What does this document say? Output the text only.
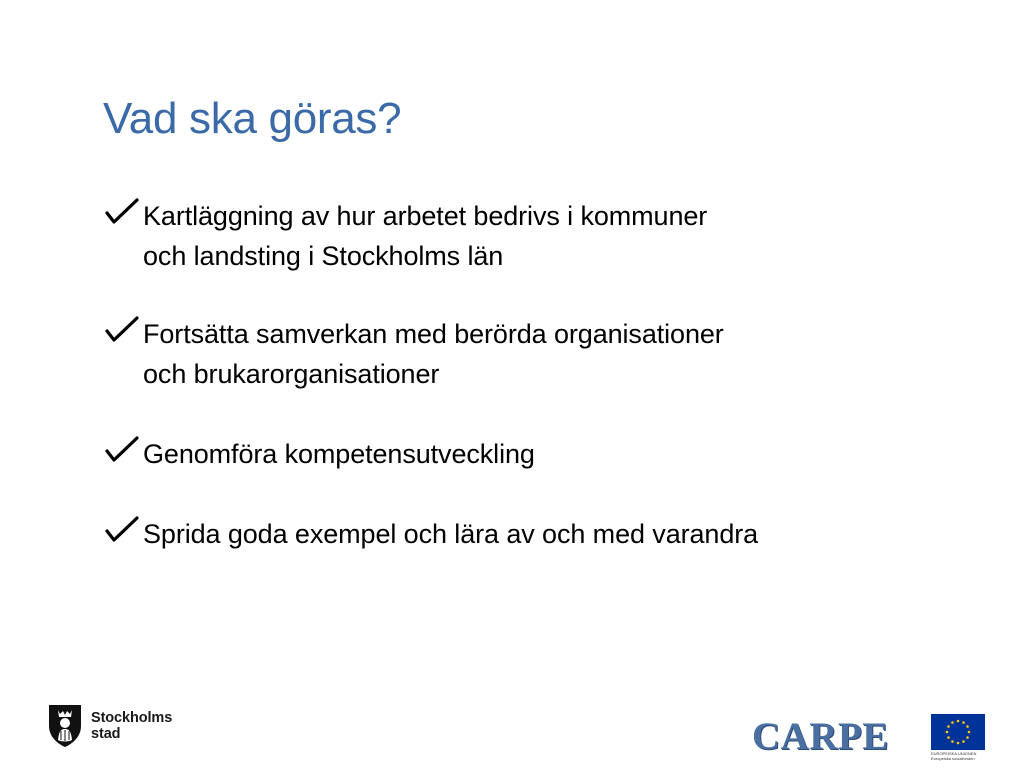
Vad ska göras?
Kartläggning av hur arbetet bedrivs i kommuner
och landsting i Stockholms län
Fortsätta samverkan med berörda organisationer
och brukarorganisationer
Genomföra kompetensutveckling
Sprida goda exempel och lära av och med varandra
Stockholms
stad	CARPE	EUROPEISKA UNIONEN
Europeiska socialfonden
